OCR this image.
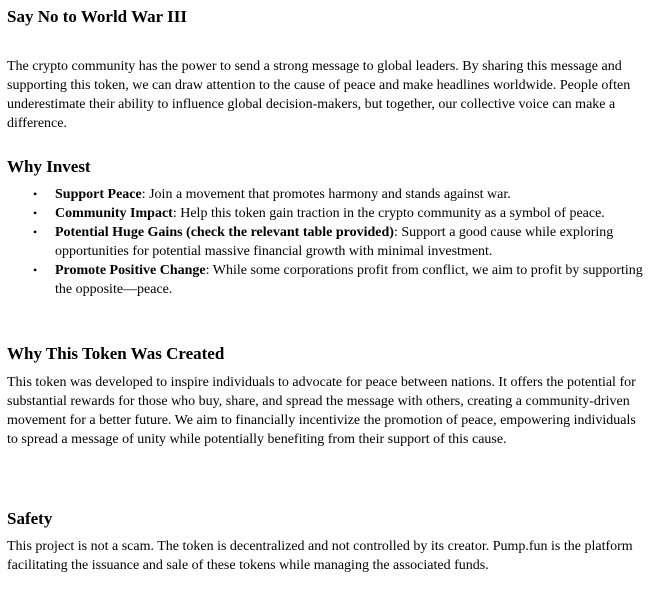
Say No to World War III

The crypto community has the power to send a strong message to global leaders. By sharing this message and supporting this token, we can draw attention to the cause of peace and make headlines worldwide. People often underestimate their ability to influence global decision-makers, but together, our collective voice can make a difference.

Why Invest
• Support Peace: Join a movement that promotes harmony and stands against war.
• Community Impact: Help this token gain traction in the crypto community as a symbol of peace.
• Potential Huge Gains (check the relevant table provided): Support a good cause while exploring opportunities for potential massive financial growth with minimal investment.
• Promote Positive Change: While some corporations profit from conflict, we aim to profit by supporting the opposite—peace.
Why This Token Was Created

This token was developed to inspire individuals to advocate for peace between nations. It offers the potential for substantial rewards for those who buy, share, and spread the message with others, creating a community-driven movement for a better future. We aim to financially incentivize the promotion of peace, empowering individuals to spread a message of unity while potentially benefiting from their support of this cause.

Safety

This project is not a scam. The token is decentralized and not controlled by its creator. Pump.fun is the platform facilitating the issuance and sale of these tokens while managing the associated funds.
